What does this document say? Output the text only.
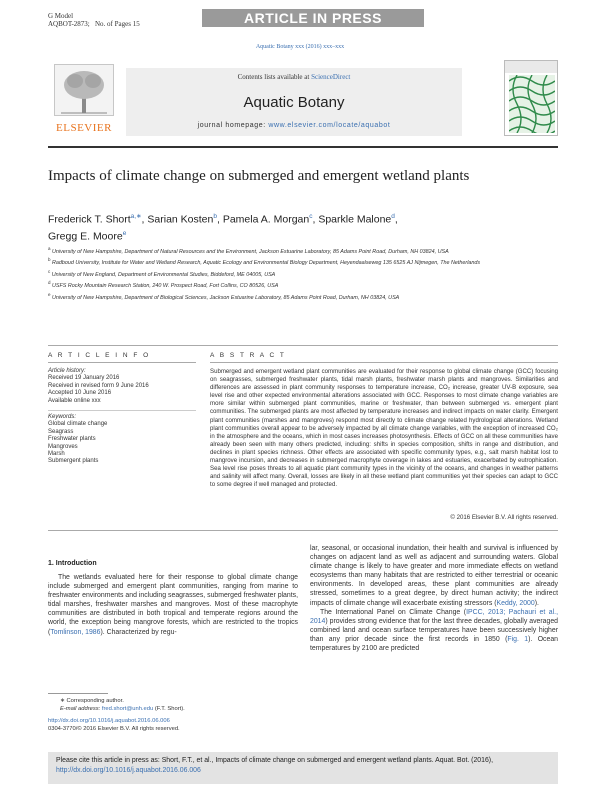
G Model
AQBOT-2873; No. of Pages 15	ARTICLE IN PRESS
Aquatic Botany xxx (2016) xxx–xxx
ELSEVIER
Contents lists available at ScienceDirect
Aquatic Botany
journal homepage: www.elsevier.com/locate/aquabot
Impacts of climate change on submerged and emergent wetland plants
Frederick T. Short$^{a,∗}$, Sarian Kosten$^b$, Pamela A. Morgan$^c$, Sparkle Malone$^d$,
Gregg E. Moore$^e$
$^a$ University of New Hampshire, Department of Natural Resources and the Environment, Jackson Estuarine Laboratory, 85 Adams Point Road, Durham, NH 03824, USA
$^b$ Radboud University, Institute for Water and Wetland Research, Aquatic Ecology and Environmental Biology Department, Heyendaalseweg 135 6525 AJ Nijmegen, The Netherlands
$^c$ University of New England, Department of Environmental Studies, Biddeford, ME 04005, USA
$^d$ USFS Rocky Mountain Research Station, 240 W. Prospect Road, Fort Collins, CO 80526, USA
$^e$ University of New Hampshire, Department of Biological Sciences, Jackson Estuarine Laboratory, 85 Adams Point Road, Durham, NH 03824, USA
A R T I C L E I N F O	A B S T R A C T
Article history:
Received 19 January 2016
Received in revised form 9 June 2016
Accepted 10 June 2016
Available online xxx
Keywords:
Global climate change
Seagrass
Freshwater plants
Mangroves
Marsh
Submergent plants
Submerged and emergent wetland plant communities are evaluated for their response to global climate change (GCC) focusing on seagrasses, submerged freshwater plants, tidal marsh plants, freshwater marsh plants and mangroves. Similarities and differences are assessed in plant community responses to temperature increase, CO₂ increase, greater UV-B exposure, sea level rise and other expected environmental alterations associated with GCC. Responses to most climate change variables are more similar within submerged plant communities, marine or freshwater, than between submerged vs. emergent plant communities. The submerged plants are most affected by temperature increases and indirect impacts on water clarity. Emergent plant communities (marshes and mangroves) respond most directly to climate change related hydrological alterations. Wetland plant communities overall appear to be adversely impacted by all climate change variables, with the exception of increased CO₂ in the atmosphere and the oceans, which in most cases increases photosynthesis. Effects of GCC on all these communities have already been seen with many others predicted, including: shifts in species composition, shifts in range and distribution, and declines in plant species richness. Other effects are associated with specific community types, e.g., salt marsh habitat lost to mangrove incursion, and decreases in submerged macrophyte coverage in lakes and estuaries, exacerbated by eutrophication. Sea level rise poses threats to all aquatic plant community types in the vicinity of the oceans, and changes in weather patterns and salinity will affect many. Overall, losses are likely in all these wetland plant communities yet their species can adapt to GCC to some degree if well managed and protected.
© 2016 Elsevier B.V. All rights reserved.
1. Introduction

The wetlands evaluated here for their response to global climate change include submerged and emergent plant communities, ranging from marine to freshwater environments and including seagrasses, submerged freshwater plants, tidal marshes, freshwater marshes and mangroves. Most of these macrophyte communities are distributed in both tropical and temperate regions around the world, the exception being mangrove forests, which are restricted to the tropics (Tomlinson, 1986). Characterized by regu-

lar, seasonal, or occasional inundation, their health and survival is influenced by changes on adjacent land as well as adjacent and surrounding waters. Global climate change is likely to have greater and more immediate effects on wetland ecosystems than many habitats that are restricted to either terrestrial or oceanic environments. In developed areas, these plant communities are already stressed, sometimes to a great degree, by direct human activity; the indirect impacts of climate change will exacerbate existing stressors (Keddy, 2000).

The International Panel on Climate Change (IPCC, 2013; Pachauri et al., 2014) provides strong evidence that for the last three decades, globally averaged combined land and ocean surface temperatures have been successively higher than any prior decade since the first records in 1850 (Fig. 1). Ocean temperatures by 2100 are predicted

∗ Corresponding author.
E-mail address: fred.short@unh.edu (F.T. Short).
http://dx.doi.org/10.1016/j.aquabot.2016.06.006
0304-3770/© 2016 Elsevier B.V. All rights reserved.
Please cite this article in press as: Short, F.T., et al., Impacts of climate change on submerged and emergent wetland plants. Aquat. Bot. (2016), http://dx.doi.org/10.1016/j.aquabot.2016.06.006
